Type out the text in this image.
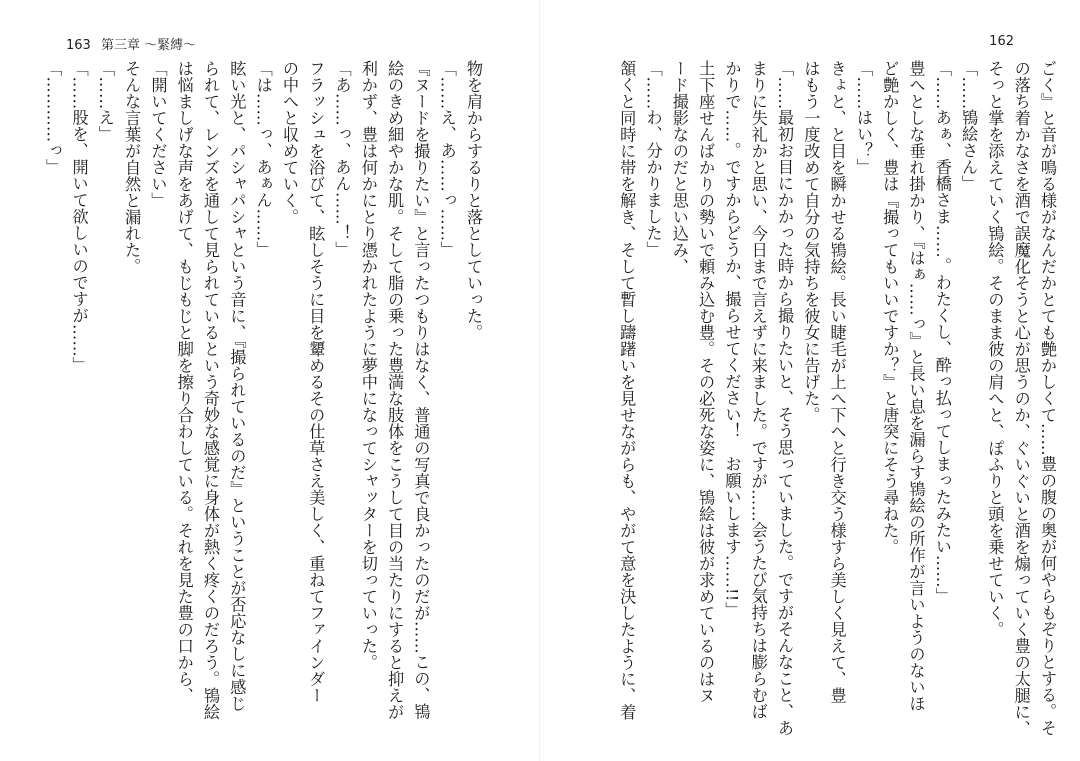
163 第三章 〜緊縛〜
物を肩からするりと落としていった。
「……え、あ……っ……」
『ヌードを撮りたい』と言ったつもりはなく、普通の写真で良かったのだが……この、鴇
絵のきめ細やかな肌。そして脂の乗った豊満な肢体をこうして目の当たりにすると抑えが
利かず、豊は何かにとり憑かれたように夢中になってシャッターを切っていった。
「あ……っ、あん……！」
フラッシュを浴びて、眩しそうに目を顰めるその仕草さえ美しく、重ねてファインダー
の中へと収めていく。
「は……っ、あぁん……」
眩い光と、パシャパシャという音に、『撮られているのだ』ということが否応なしに感じ
られて、レンズを通して見られているという奇妙な感覚に身体が熱く疼くのだろう。鴇絵
は悩ましげな声をあげて、もじもじと脚を擦り合わしている。それを見た豊の口から、
「開いてください」
そんな言葉が自然と漏れた。
「……え」
「……股を、開いて欲しいのですが……」
「…………っ」
162
ごく』と音が鳴る様がなんだかとても艶かしくて……豊の腹の奥が何やらもぞりとする。そ
の落ち着かなさを酒で誤魔化そうと心が思うのか、ぐいぐいと酒を煽っていく豊の太腿に、
そっと掌を添えていく鴇絵。そのまま彼の肩へと、ぽふりと頭を乗せていく。
「……鴇絵さん」
「……あぁ、香橋さま……。わたくし、酔っ払ってしまったみたい……」
豊へとしな垂れ掛かり、『はぁ……っ』と長い息を漏らす鴇絵の所作が言いようのないほ
ど艶かしく、豊は『撮ってもいいですか？』と唐突にそう尋ねた。
「……はい？」
きょと、と目を瞬かせる鴇絵。長い睫毛が上へ下へと行き交う様すら美しく見えて、豊
はもう一度改めて自分の気持ちを彼女に告げた。
「……最初お目にかかった時から撮りたいと、そう思っていました。ですがそんなこと、あ
まりに失礼かと思い、今日まで言えずに来ました。ですが……会うたび気持ちは膨らむば
かりで……。ですからどうか、撮らせてください！　お願いします……!!」
土下座せんばかりの勢いで頼み込む豊。その必死な姿に、鴇絵は彼が求めているのはヌ
ード撮影なのだと思い込み、
「……わ、分かりました」
頷くと同時に帯を解き、そして暫し躊躇いを見せながらも、やがて意を決したように、着
